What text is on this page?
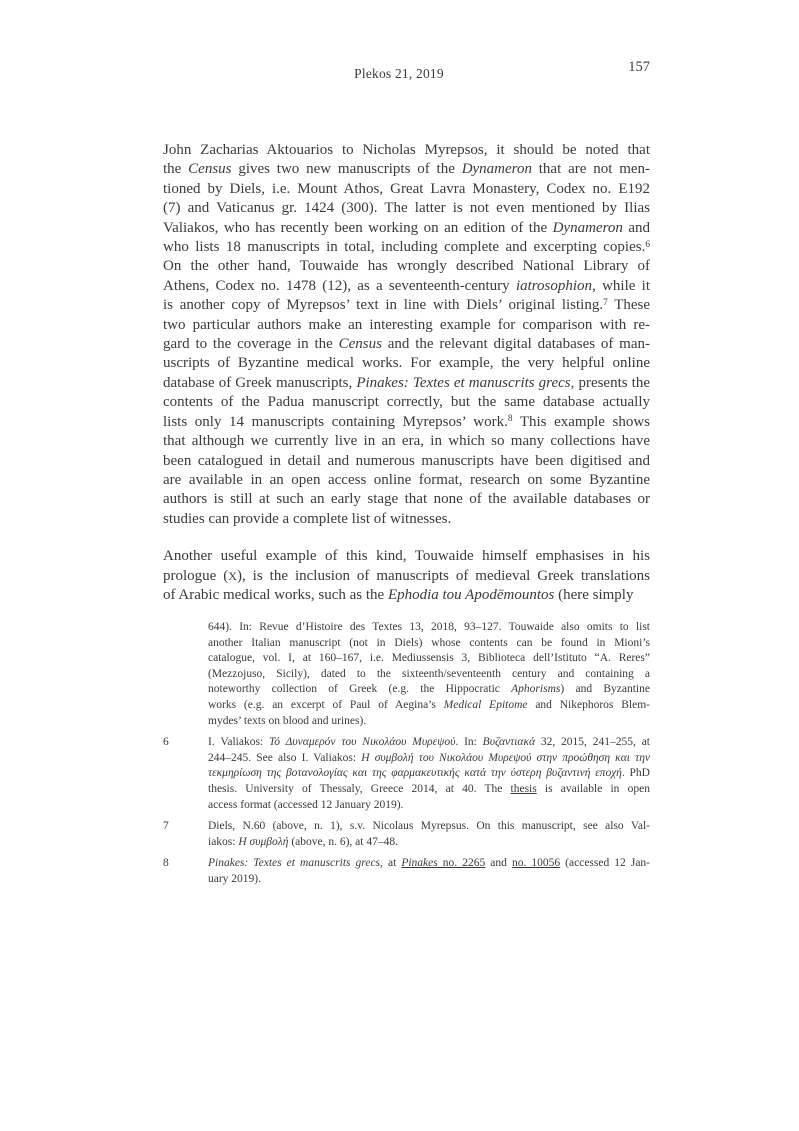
Plekos 21, 2019	157
John Zacharias Aktouarios to Nicholas Myrepsos, it should be noted that
the Census gives two new manuscripts of the Dynameron that are not men-
tioned by Diels, i.e. Mount Athos, Great Lavra Monastery, Codex no. E192
(7) and Vaticanus gr. 1424 (300). The latter is not even mentioned by Ilias
Valiakos, who has recently been working on an edition of the Dynameron and
who lists 18 manuscripts in total, including complete and excerpting copies.$^6$
On the other hand, Touwaide has wrongly described National Library of
Athens, Codex no. 1478 (12), as a seventeenth-century iatrosophion, while it
is another copy of Myrepsos’ text in line with Diels’ original listing.$^7$ These
two particular authors make an interesting example for comparison with re-
gard to the coverage in the Census and the relevant digital databases of man-
uscripts of Byzantine medical works. For example, the very helpful online
database of Greek manuscripts, Pinakes: Textes et manuscrits grecs, presents the
contents of the Padua manuscript correctly, but the same database actually
lists only 14 manuscripts containing Myrepsos’ work.$^8$ This example shows
that although we currently live in an era, in which so many collections have
been catalogued in detail and numerous manuscripts have been digitised and
are available in an open access online format, research on some Byzantine
authors is still at such an early stage that none of the available databases or
studies can provide a complete list of witnesses.
Another useful example of this kind, Touwaide himself emphasises in his
prologue (X), is the inclusion of manuscripts of medieval Greek translations
of Arabic medical works, such as the Ephodia tou Apodēmountos (here simply
644). In: Revue d’Histoire des Textes 13, 2018, 93–127. Touwaide also omits to list
another Italian manuscript (not in Diels) whose contents can be found in Mioni’s
catalogue, vol. I, at 160–167, i.e. Mediussensis 3, Biblioteca dell’Istituto “A. Reres”
(Mezzojuso, Sicily), dated to the sixteenth/seventeenth century and containing a
noteworthy collection of Greek (e.g. the Hippocratic Aphorisms) and Byzantine
works (e.g. an excerpt of Paul of Aegina’s Medical Epitome and Nikephoros Blem-
mydes’ texts on blood and urines).
6	I. Valiakos: Τό Δυναμερόν του Νικολάου Μυρεψού. In: Βυζαντιακά 32, 2015, 241–255, at
244–245. See also I. Valiakos: Η συμβολή του Νικολάου Μυρεψού στην προώθηση και την
τεκμηρίωση της βοτανολογίας και της φαρμακευτικής κατά την ύστερη βυζαντινή εποχή. PhD
thesis. University of Thessaly, Greece 2014, at 40. The thesis is available in open
access format (accessed 12 January 2019).
7	Diels, N.60 (above, n. 1), s.v. Nicolaus Myrepsus. On this manuscript, see also Val-
iakos: Η συμβολή (above, n. 6), at 47–48.
8	Pinakes: Textes et manuscrits grecs, at Pinakes no. 2265 and no. 10056 (accessed 12 Jan-
uary 2019).
